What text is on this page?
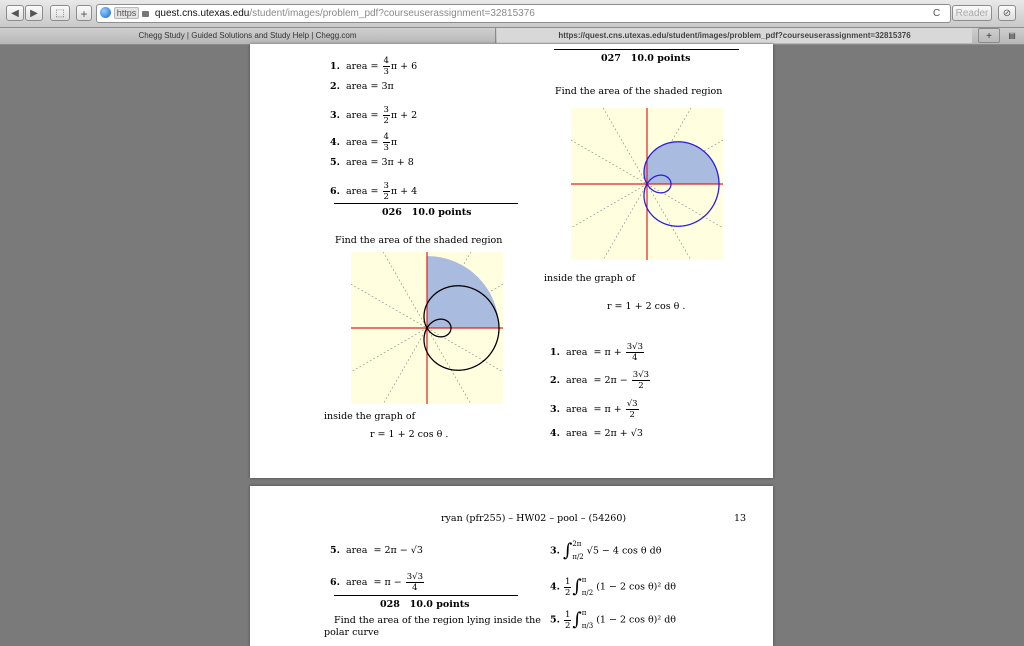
◀	▶	⬚	+	https quest.cns.utexas.edu/student/images/problem_pdf?courseuserassignment=32815376	C	Reader	⊘
Chegg Study | Guided Solutions and Study Help | Chegg.com	https://quest.cns.utexas.edu/student/images/problem_pdf?courseuserassignment=32815376	+	▤
1. area = $\frac{4}{3}$ π + 6
2. area = 3π
3. area = $\frac{3}{2}$ π + 2
4. area = $\frac{4}{3}$ π
5. area = 3π + 8
6. area = $\frac{3}{2}$ π + 4
026 10.0 points
Find the area of the shaded region
inside the graph of
r = 1 + 2 cos θ .
027 10.0 points
Find the area of the shaded region
inside the graph of
r = 1 + 2 cos θ .
1. area = $\pi + \frac{3√3}{4}$
2. area = $2\pi - \frac{3√3}{2}$
3. area = $\pi + \frac{√3}{2}$
4. area = 2π + √3
ryan (pfr255) – HW02 – pool – (54260)	13
5. area = 2π − √3
6. area = $\pi - \frac{3√3}{4}$
028 10.0 points
Find the area of the region lying inside the
polar curve
3. ∫ 2π
π/2
√5 − 4 cos θ dθ
4. $\frac{1}{2}$ ∫ π
π/2
(1 − 2 cos θ)² dθ
5. $\frac{1}{2}$ ∫ π
π/3
(1 − 2 cos θ)² dθ
